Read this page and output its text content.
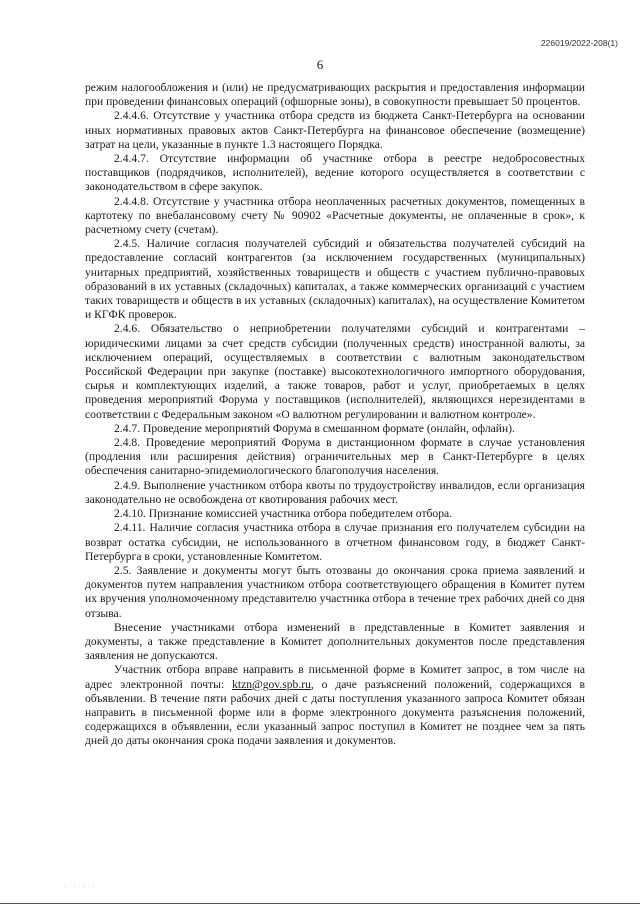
226019/2022-208(1)
6

режим налогообложения и (или) не предусматривающих раскрытия и предоставления информации при проведении финансовых операций (офшорные зоны), в совокупности превышает 50 процентов.

2.4.4.6. Отсутствие у участника отбора средств из бюджета Санкт-Петербурга на основании иных нормативных правовых актов Санкт-Петербурга на финансовое обеспечение (возмещение) затрат на цели, указанные в пункте 1.3 настоящего Порядка.

2.4.4.7. Отсутствие информации об участнике отбора в реестре недобросовестных поставщиков (подрядчиков, исполнителей), ведение которого осуществляется в соответствии с законодательством в сфере закупок.

2.4.4.8. Отсутствие у участника отбора неоплаченных расчетных документов, помещенных в картотеку по внебалансовому счету № 90902 «Расчетные документы, не оплаченные в срок», к расчетному счету (счетам).

2.4.5. Наличие согласия получателей субсидий и обязательства получателей субсидий на предоставление согласий контрагентов (за исключением государственных (муниципальных) унитарных предприятий, хозяйственных товариществ и обществ с участием публично-правовых образований в их уставных (складочных) капиталах, а также коммерческих организаций с участием таких товариществ и обществ в их уставных (складочных) капиталах), на осуществление Комитетом и КГФК проверок.

2.4.6. Обязательство о неприобретении получателями субсидий и контрагентами – юридическими лицами за счет средств субсидии (полученных средств) иностранной валюты, за исключением операций, осуществляемых в соответствии с валютным законодательством Российской Федерации при закупке (поставке) высокотехнологичного импортного оборудования, сырья и комплектующих изделий, а также товаров, работ и услуг, приобретаемых в целях проведения мероприятий Форума у поставщиков (исполнителей), являющихся нерезидентами в соответствии с Федеральным законом «О валютном регулировании и валютном контроле».

2.4.7. Проведение мероприятий Форума в смешанном формате (онлайн, офлайн).

2.4.8. Проведение мероприятий Форума в дистанционном формате в случае установления (продления или расширения действия) ограничительных мер в Санкт-Петербурге в целях обеспечения санитарно-эпидемиологического благополучия населения.

2.4.9. Выполнение участником отбора квоты по трудоустройству инвалидов, если организация законодательно не освобождена от квотирования рабочих мест.

2.4.10. Признание комиссией участника отбора победителем отбора.

2.4.11. Наличие согласия участника отбора в случае признания его получателем субсидии на возврат остатка субсидии, не использованного в отчетном финансовом году, в бюджет Санкт-Петербурга в сроки, установленные Комитетом.

2.5. Заявление и документы могут быть отозваны до окончания срока приема заявлений и документов путем направления участником отбора соответствующего обращения в Комитет путем их вручения уполномоченному представителю участника отбора в течение трех рабочих дней со дня отзыва.

Внесение участниками отбора изменений в представленные в Комитет заявления и документы, а также представление в Комитет дополнительных документов после представления заявления не допускаются.

Участник отбора вправе направить в письменной форме в Комитет запрос, в том числе на адрес электронной почты: ktzn@gov.spb.ru, о даче разъяснений положений, содержащихся в объявлении. В течение пяти рабочих дней с даты поступления указанного запроса Комитет обязан направить в письменной форме или в форме электронного документа разъяснения положений, содержащихся в объявлении, если указанный запрос поступил в Комитет не позднее чем за пять дней до даты окончания срока подачи заявления и документов.

· · · ·
